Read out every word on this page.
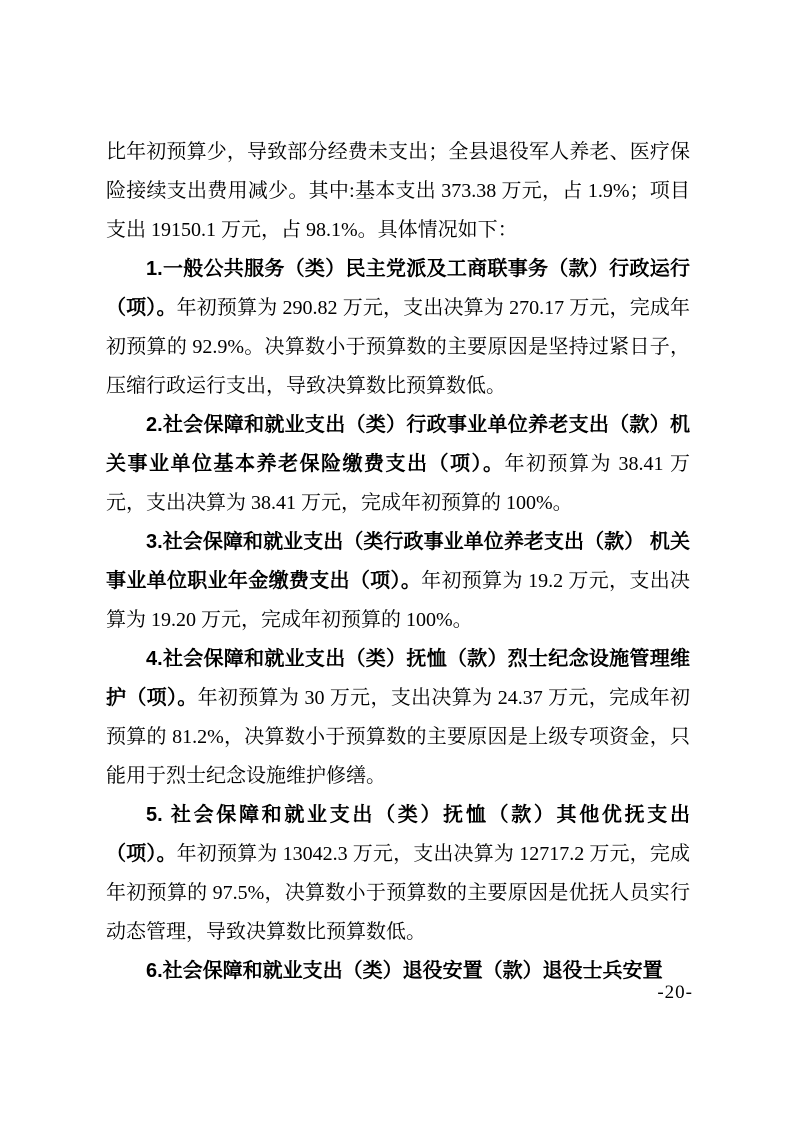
比年初预算少，导致部分经费未支出；全县退役军人养老、医疗保险接续支出费用减少。其中:基本支出 373.38 万元，占 1.9%；项目支出 19150.1 万元，占 98.1%。具体情况如下：

1.一般公共服务（类）民主党派及工商联事务（款）行政运行（项）。年初预算为 290.82 万元，支出决算为 270.17 万元，完成年初预算的 92.9%。决算数小于预算数的主要原因是坚持过紧日子，压缩行政运行支出，导致决算数比预算数低。

2.社会保障和就业支出（类）行政事业单位养老支出（款）机关事业单位基本养老保险缴费支出（项）。年初预算为 38.41 万元，支出决算为 38.41 万元，完成年初预算的 100%。

3.社会保障和就业支出（类行政事业单位养老支出（款） 机关事业单位职业年金缴费支出（项）。年初预算为 19.2 万元，支出决算为 19.20 万元，完成年初预算的 100%。

4.社会保障和就业支出（类）抚恤（款）烈士纪念设施管理维护（项）。年初预算为 30 万元，支出决算为 24.37 万元，完成年初预算的 81.2%，决算数小于预算数的主要原因是上级专项资金，只能用于烈士纪念设施维护修缮。

5. 社会保障和就业支出（类）抚恤（款）其他优抚支出（项）。年初预算为 13042.3 万元，支出决算为 12717.2 万元，完成年初预算的 97.5%，决算数小于预算数的主要原因是优抚人员实行动态管理，导致决算数比预算数低。

6.社会保障和就业支出（类）退役安置（款）退役士兵安置

-20-
